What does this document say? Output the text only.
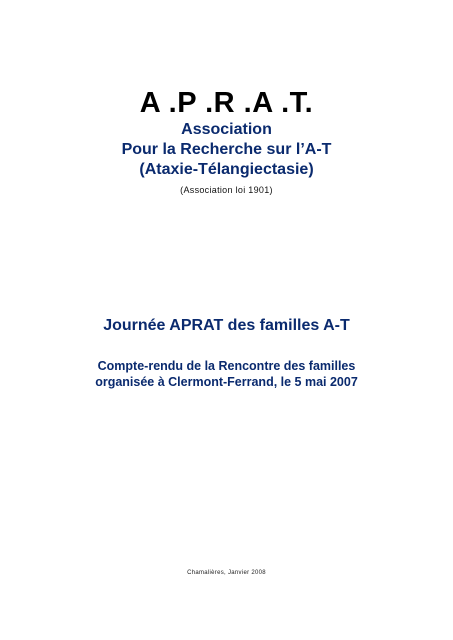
A .P .R .A .T.
Association
Pour la Recherche sur l’A-T
(Ataxie-Télangiectasie)
(Association loi 1901)
Journée APRAT des familles A-T
Compte-rendu de la Rencontre des familles
organisée à Clermont-Ferrand, le 5 mai 2007
Chamalières, Janvier 2008
